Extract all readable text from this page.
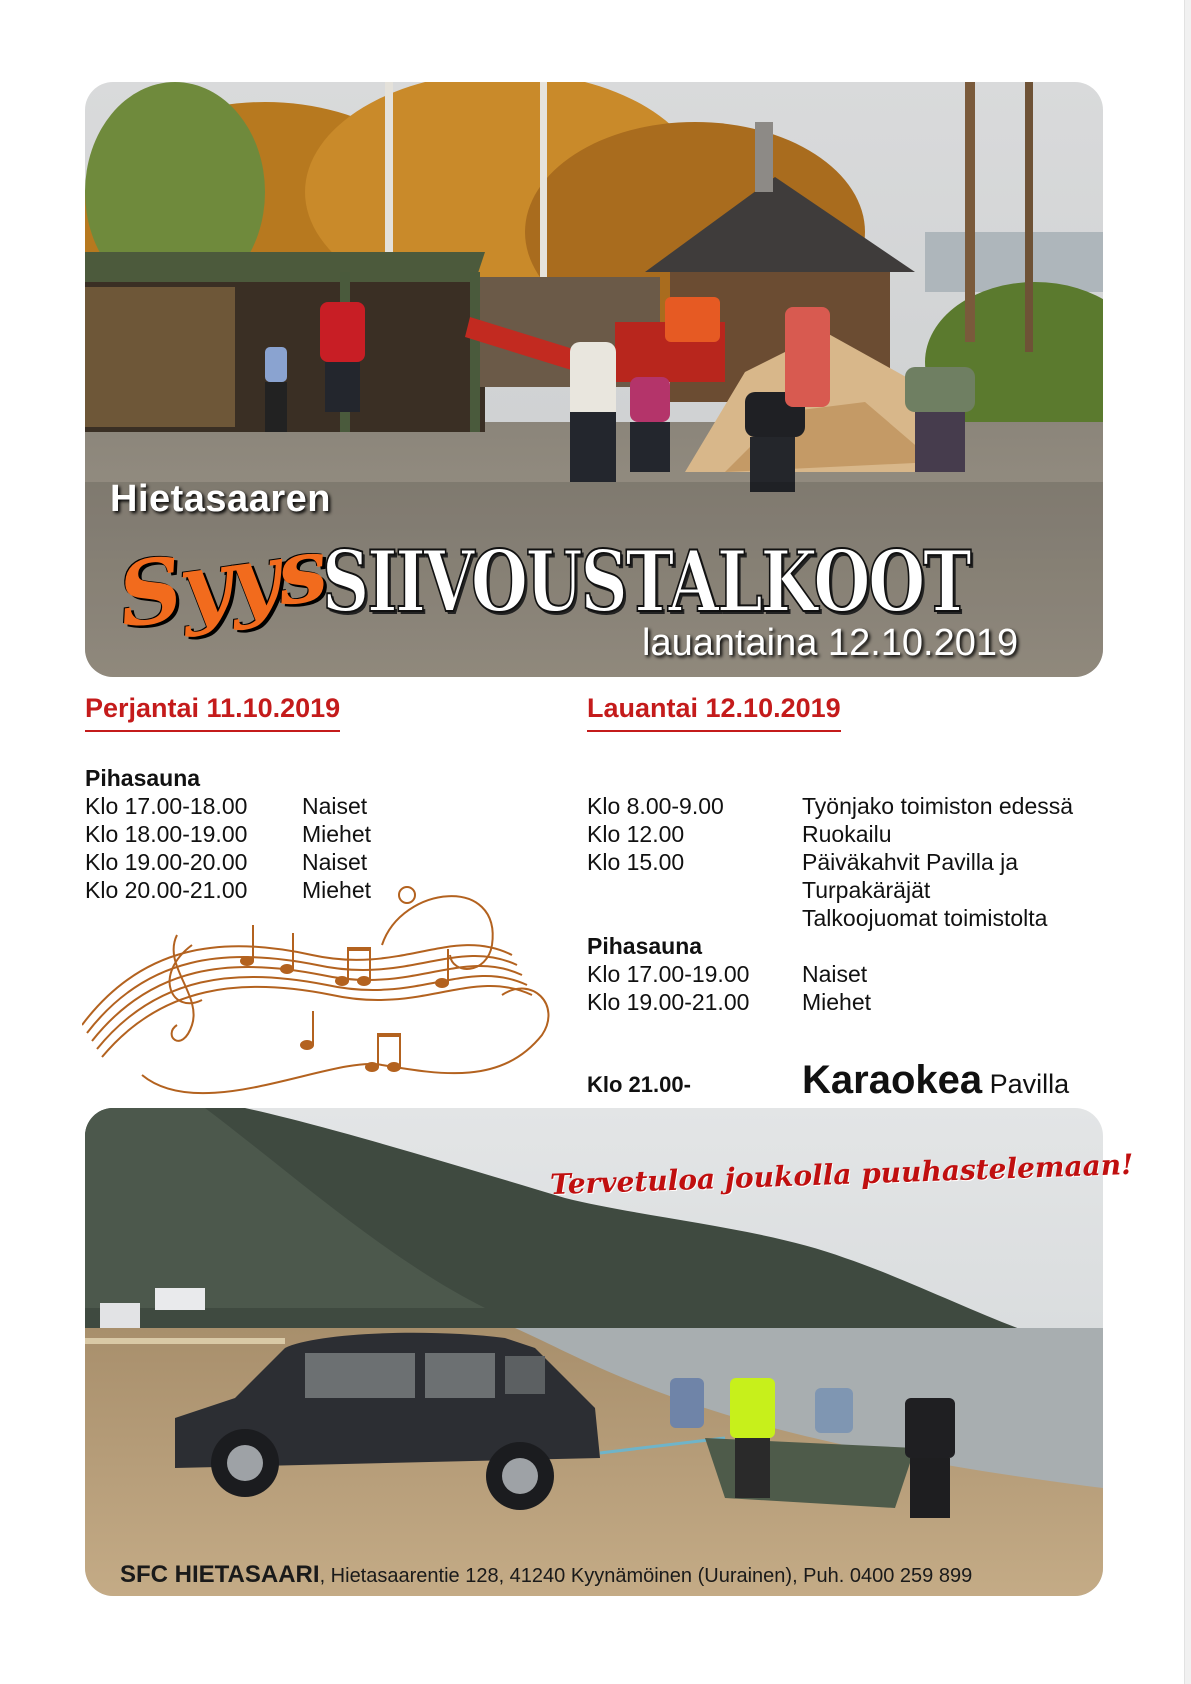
Hietasaaren
Syys
SIIVOUSTALKOOT
lauantaina 12.10.2019
Perjantai 11.10.2019	Lauantai 12.10.2019
Pihasauna
Klo 17.00-18.00	Naiset
Klo 18.00-19.00	Miehet
Klo 19.00-20.00	Naiset
Klo 20.00-21.00	Miehet

Klo 8.00-9.00	Työnjako toimiston edessä
Klo 12.00	Ruokailu
Klo 15.00	Päiväkahvit Pavilla ja
Turpakäräjät
Talkoojuomat toimistolta
Pihasauna
Klo 17.00-19.00	Naiset
Klo 19.00-21.00	Miehet
Klo 21.00-	Karaokea Pavilla
Tervetuloa joukolla puuhastelemaan!
SFC HIETASAARI, Hietasaarentie 128, 41240 Kyynämöinen (Uurainen), Puh. 0400 259 899
